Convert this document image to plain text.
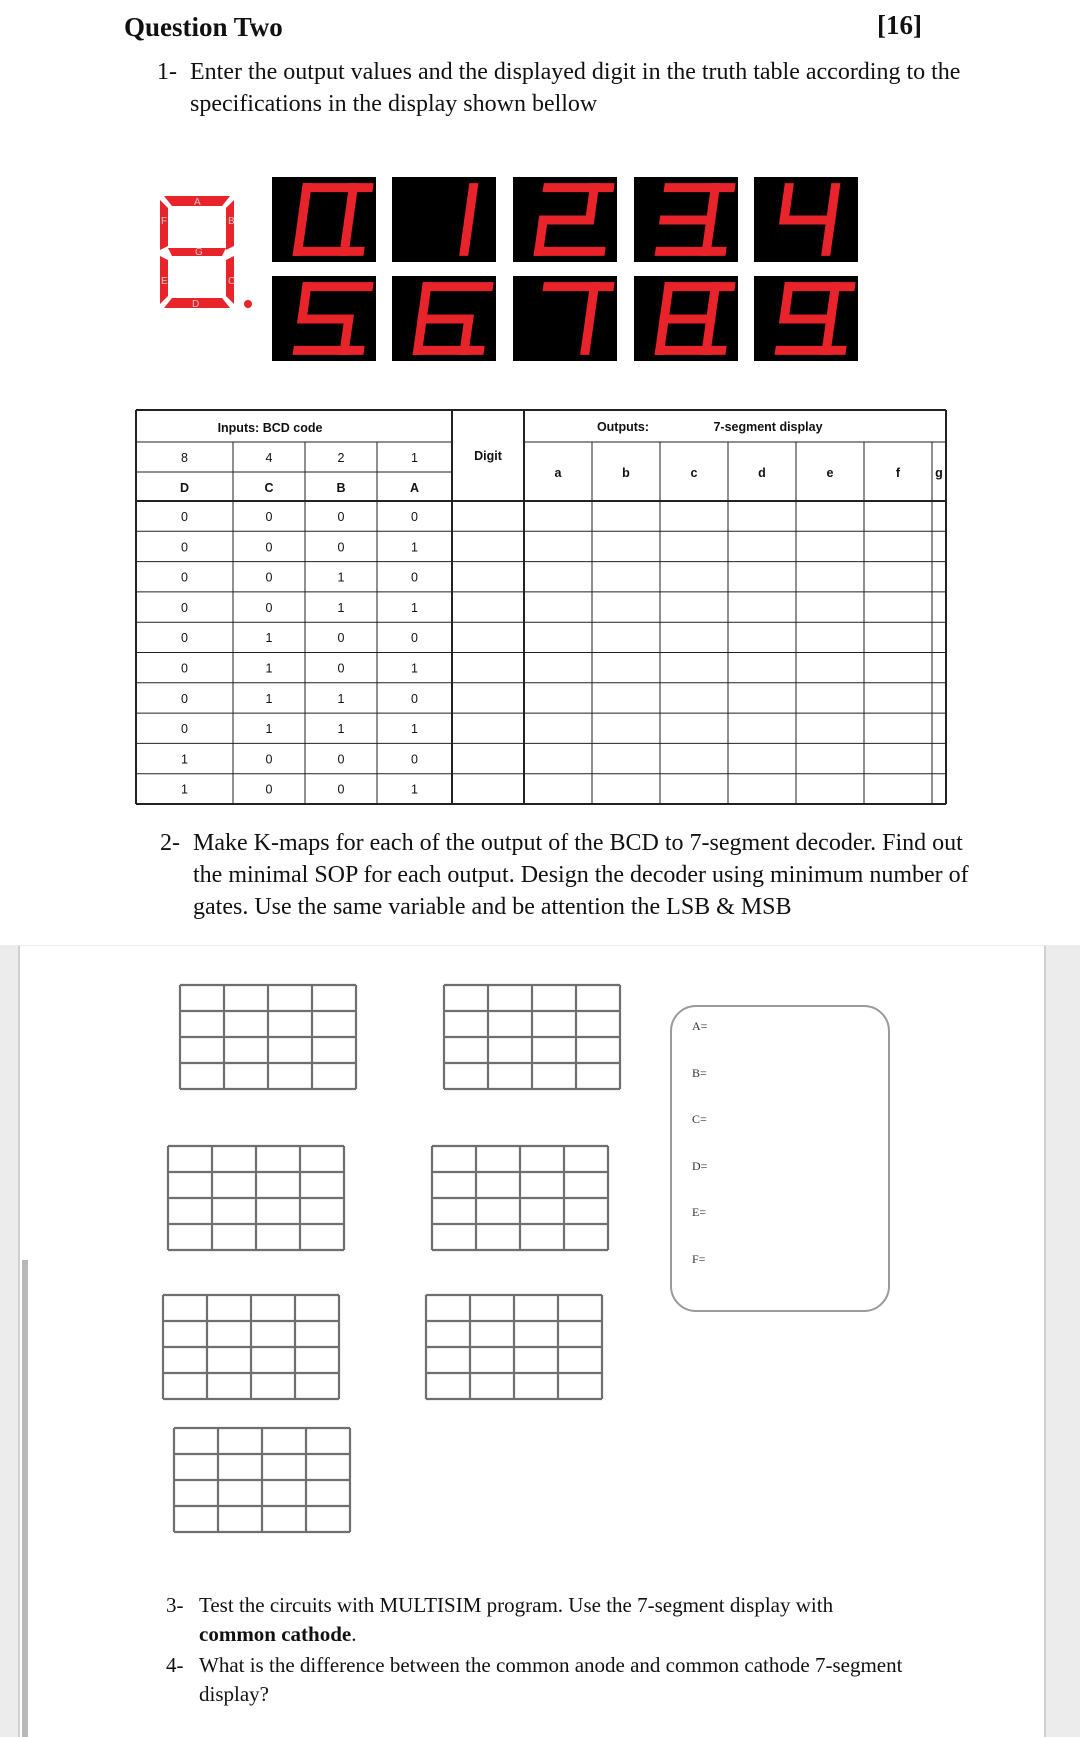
Question Two	[16]
1- Enter the output values and the displayed digit in the truth table according to the specifications in the display shown bellow
A
B
C
D
E
F
G
Inputs: BCD code	Outputs:	7-segment display
Digit
8	4	2	1
D	C	B	A
a	b	c	d	e	f	g
0	0	0	0
0	0	0	1
0	0	1	0
0	0	1	1
0	1	0	0
0	1	0	1
0	1	1	0
0	1	1	1
1	0	0	0
1	0	0	1
2- Make K-maps for each of the output of the BCD to 7-segment decoder. Find out the minimal SOP for each output. Design the decoder using minimum number of gates. Use the same variable and be attention the LSB & MSB
A=
B=
C=
D=
E=
F=
3- Test the circuits with MULTISIM program. Use the 7-segment display with
common cathode.
4- What is the difference between the common anode and common cathode 7-segment display?
